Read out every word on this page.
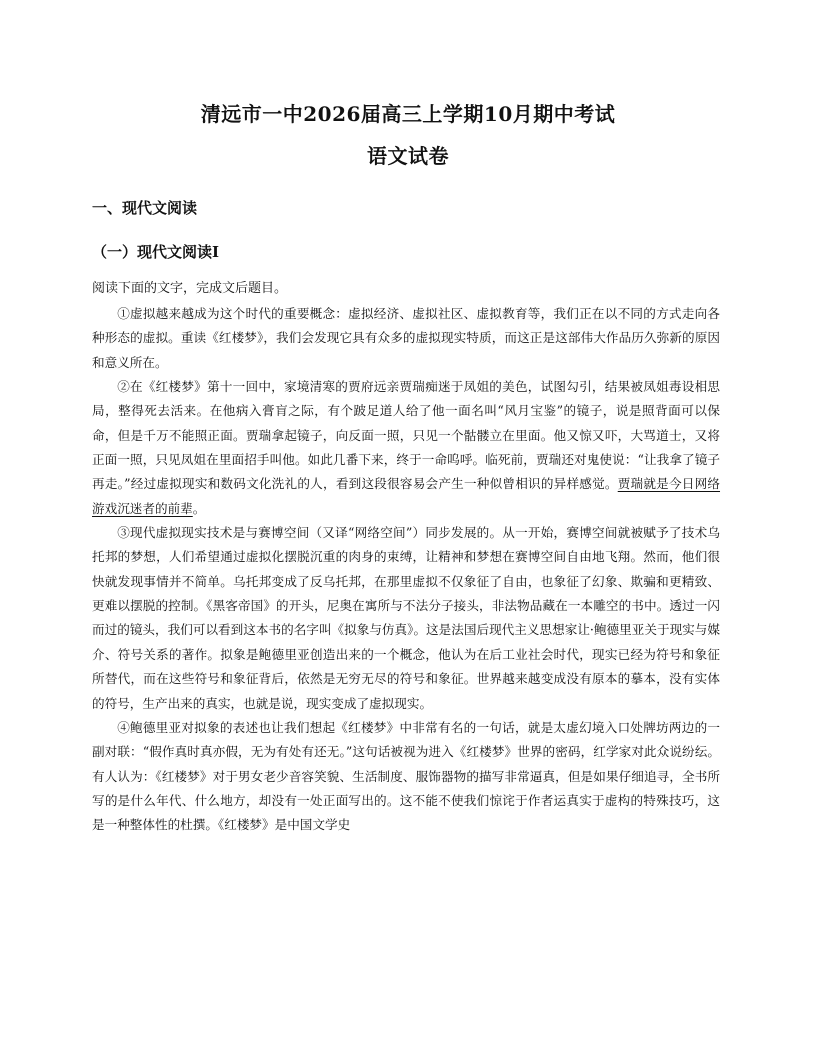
清远市一中2026届高三上学期10月期中考试
语文试卷
一、现代文阅读
（一）现代文阅读Ⅰ
阅读下面的文字，完成文后题目。

①虚拟越来越成为这个时代的重要概念：虚拟经济、虚拟社区、虚拟教育等，我们正在以不同的方式走向各种形态的虚拟。重读《红楼梦》，我们会发现它具有众多的虚拟现实特质，而这正是这部伟大作品历久弥新的原因和意义所在。

②在《红楼梦》第十一回中，家境清寒的贾府远亲贾瑞痴迷于凤姐的美色，试图勾引，结果被凤姐毒设相思局，整得死去活来。在他病入膏肓之际，有个跛足道人给了他一面名叫“风月宝鉴”的镜子，说是照背面可以保命，但是千万不能照正面。贾瑞拿起镜子，向反面一照，只见一个骷髅立在里面。他又惊又吓，大骂道士，又将正面一照，只见凤姐在里面招手叫他。如此几番下来，终于一命呜呼。临死前，贾瑞还对鬼使说：“让我拿了镜子再走。”经过虚拟现实和数码文化洗礼的人，看到这段很容易会产生一种似曾相识的异样感觉。贾瑞就是今日网络游戏沉迷者的前辈。

③现代虚拟现实技术是与赛博空间（又译“网络空间”）同步发展的。从一开始，赛博空间就被赋予了技术乌托邦的梦想，人们希望通过虚拟化摆脱沉重的肉身的束缚，让精神和梦想在赛博空间自由地飞翔。然而，他们很快就发现事情并不简单。乌托邦变成了反乌托邦，在那里虚拟不仅象征了自由，也象征了幻象、欺骗和更精致、更难以摆脱的控制。《黑客帝国》的开头，尼奥在寓所与不法分子接头，非法物品藏在一本雕空的书中。透过一闪而过的镜头，我们可以看到这本书的名字叫《拟象与仿真》。这是法国后现代主义思想家让·鲍德里亚关于现实与媒介、符号关系的著作。拟象是鲍德里亚创造出来的一个概念，他认为在后工业社会时代，现实已经为符号和象征所替代，而在这些符号和象征背后，依然是无穷无尽的符号和象征。世界越来越变成没有原本的摹本，没有实体的符号，生产出来的真实，也就是说，现实变成了虚拟现实。

④鲍德里亚对拟象的表述也让我们想起《红楼梦》中非常有名的一句话，就是太虚幻境入口处牌坊两边的一副对联：“假作真时真亦假，无为有处有还无。”这句话被视为进入《红楼梦》世界的密码，红学家对此众说纷纭。有人认为：《红楼梦》对于男女老少音容笑貌、生活制度、服饰器物的描写非常逼真，但是如果仔细追寻，全书所写的是什么年代、什么地方，却没有一处正面写出的。这不能不使我们惊诧于作者运真实于虚构的特殊技巧，这是一种整体性的杜撰。《红楼梦》是中国文学史
